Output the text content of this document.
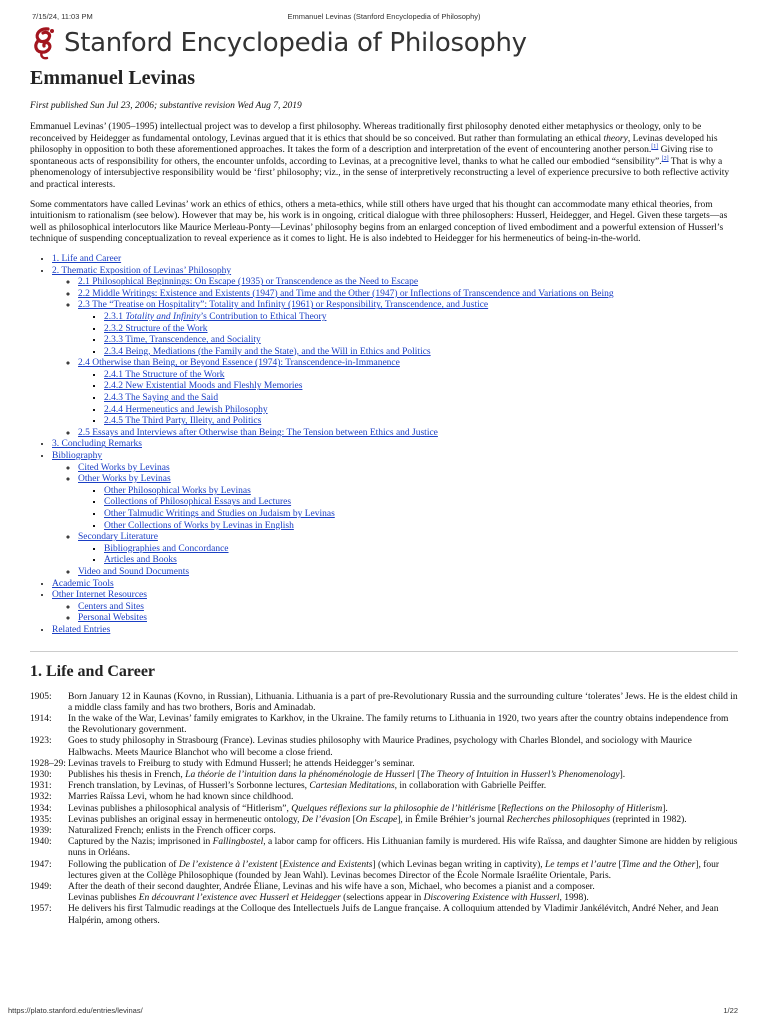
7/15/24, 11:03 PM	Emmanuel Levinas (Stanford Encyclopedia of Philosophy)
Stanford Encyclopedia of Philosophy
Emmanuel Levinas
First published Sun Jul 23, 2006; substantive revision Wed Aug 7, 2019

Emmanuel Levinas’ (1905–1995) intellectual project was to develop a first philosophy. Whereas traditionally first philosophy denoted either metaphysics or theology, only to be reconceived by Heidegger as fundamental ontology, Levinas argued that it is ethics that should be so conceived. But rather than formulating an ethical theory, Levinas developed his philosophy in opposition to both these aforementioned approaches. It takes the form of a description and interpretation of the event of encountering another person.[1] Giving rise to spontaneous acts of responsibility for others, the encounter unfolds, according to Levinas, at a precognitive level, thanks to what he called our embodied “sensibility”.[2] That is why a phenomenology of intersubjective responsibility would be ‘first’ philosophy; viz., in the sense of interpretively reconstructing a level of experience precursive to both reflective activity and practical interests.

Some commentators have called Levinas’ work an ethics of ethics, others a meta-ethics, while still others have urged that his thought can accommodate many ethical theories, from intuitionism to rationalism (see below). However that may be, his work is in ongoing, critical dialogue with three philosophers: Husserl, Heidegger, and Hegel. Given these targets—as well as philosophical interlocutors like Maurice Merleau-Ponty—Levinas’ philosophy begins from an enlarged conception of lived embodiment and a powerful extension of Husserl’s technique of suspending conceptualization to reveal experience as it comes to light. He is also indebted to Heidegger for his hermeneutics of being-in-the-world.

• 1. Life and Career
• 2. Thematic Exposition of Levinas’ Philosophy
◦ 2.1 Philosophical Beginnings: On Escape (1935) or Transcendence as the Need to Escape
◦ 2.2 Middle Writings: Existence and Existents (1947) and Time and the Other (1947) or Inflections of Transcendence and Variations on Being
◦ 2.3 The “Treatise on Hospitality”: Totality and Infinity (1961) or Responsibility, Transcendence, and Justice
▪ 2.3.1 Totality and Infinity’s Contribution to Ethical Theory
▪ 2.3.2 Structure of the Work
▪ 2.3.3 Time, Transcendence, and Sociality
▪ 2.3.4 Being, Mediations (the Family and the State), and the Will in Ethics and Politics
◦ 2.4 Otherwise than Being, or Beyond Essence (1974): Transcendence-in-Immanence
▪ 2.4.1 The Structure of the Work
▪ 2.4.2 New Existential Moods and Fleshly Memories
▪ 2.4.3 The Saying and the Said
▪ 2.4.4 Hermeneutics and Jewish Philosophy
▪ 2.4.5 The Third Party, Illeity, and Politics
◦ 2.5 Essays and Interviews after Otherwise than Being: The Tension between Ethics and Justice
• 3. Concluding Remarks
• Bibliography
◦ Cited Works by Levinas
◦ Other Works by Levinas
▪ Other Philosophical Works by Levinas
▪ Collections of Philosophical Essays and Lectures
▪ Other Talmudic Writings and Studies on Judaism by Levinas
▪ Other Collections of Works by Levinas in English
◦ Secondary Literature
▪ Bibliographies and Concordance
▪ Articles and Books
◦ Video and Sound Documents
• Academic Tools
• Other Internet Resources
◦ Centers and Sites
◦ Personal Websites
• Related Entries
1. Life and Career
1905: Born January 12 in Kaunas (Kovno, in Russian), Lithuania. Lithuania is a part of pre-Revolutionary Russia and the surrounding culture ‘tolerates’ Jews. He is the eldest child in a middle class family and has two brothers, Boris and Aminadab.
1914: In the wake of the War, Levinas’ family emigrates to Karkhov, in the Ukraine. The family returns to Lithuania in 1920, two years after the country obtains independence from the Revolutionary government.
1923: Goes to study philosophy in Strasbourg (France). Levinas studies philosophy with Maurice Pradines, psychology with Charles Blondel, and sociology with Maurice Halbwachs. Meets Maurice Blanchot who will become a close friend.
1928–29: Levinas travels to Freiburg to study with Edmund Husserl; he attends Heidegger’s seminar.
1930: Publishes his thesis in French, La théorie de l’intuition dans la phénoménologie de Husserl [The Theory of Intuition in Husserl’s Phenomenology].
1931: French translation, by Levinas, of Husserl’s Sorbonne lectures, Cartesian Meditations, in collaboration with Gabrielle Peiffer.
1932: Marries Raïssa Levi, whom he had known since childhood.
1934: Levinas publishes a philosophical analysis of “Hitlerism”, Quelques réflexions sur la philosophie de l’hitlérisme [Reflections on the Philosophy of Hitlerism].
1935: Levinas publishes an original essay in hermeneutic ontology, De l’évasion [On Escape], in Émile Bréhier’s journal Recherches philosophiques (reprinted in 1982).
1939: Naturalized French; enlists in the French officer corps.
1940: Captured by the Nazis; imprisoned in Fallingbostel, a labor camp for officers. His Lithuanian family is murdered. His wife Raïssa, and daughter Simone are hidden by religious nuns in Orléans.
1947: Following the publication of De l’existence à l’existent [Existence and Existents] (which Levinas began writing in captivity), Le temps et l’autre [Time and the Other], four lectures given at the Collège Philosophique (founded by Jean Wahl). Levinas becomes Director of the École Normale Israélite Orientale, Paris.
1949: After the death of their second daughter, Andrée Éliane, Levinas and his wife have a son, Michael, who becomes a pianist and a composer.
Levinas publishes En découvrant l’existence avec Husserl et Heidegger (selections appear in Discovering Existence with Husserl, 1998).
1957: He delivers his first Talmudic readings at the Colloque des Intellectuels Juifs de Langue française. A colloquium attended by Vladimir Jankélévitch, André Neher, and Jean Halpérin, among others.
https://plato.stanford.edu/entries/levinas/	1/22
